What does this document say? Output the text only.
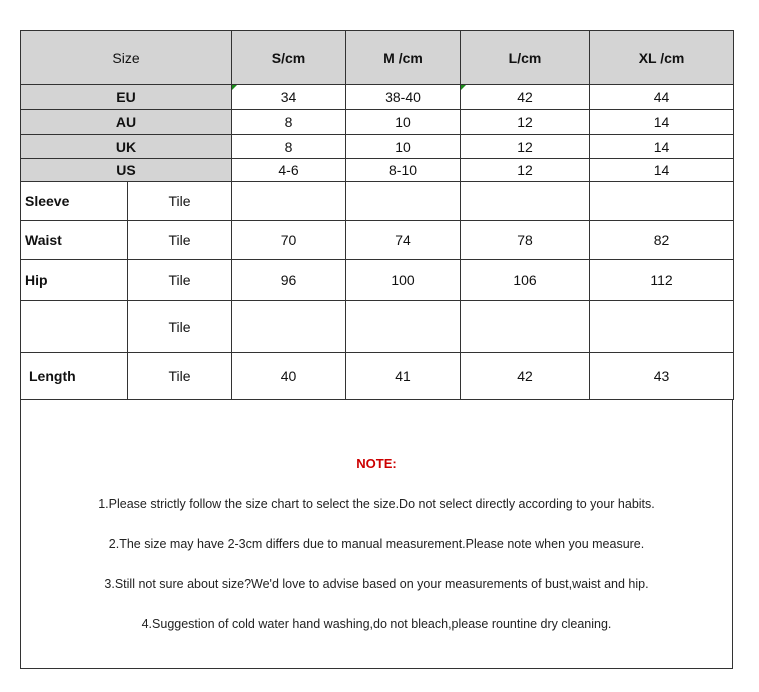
Size		S/cm	M /cm	L/cm	XL /cm
EU		34	38-40	42	44
AU		8	10	12	14
UK		8	10	12	14
US		4-6	8-10	12	14
Sleeve	Tile				
Waist	Tile	70	74	78	82
Hip	Tile	96	100	106	112
	Tile				
Length	Tile	40	41	42	43
NOTE:
1.Please strictly follow the size chart to select the size.Do not select directly according to your habits.
2.The size may have 2-3cm differs due to manual measurement.Please note when you measure.
3.Still not sure about size?We'd love to advise based on your measurements of bust,waist and hip.
4.Suggestion of cold water hand washing,do not bleach,please rountine dry cleaning.
